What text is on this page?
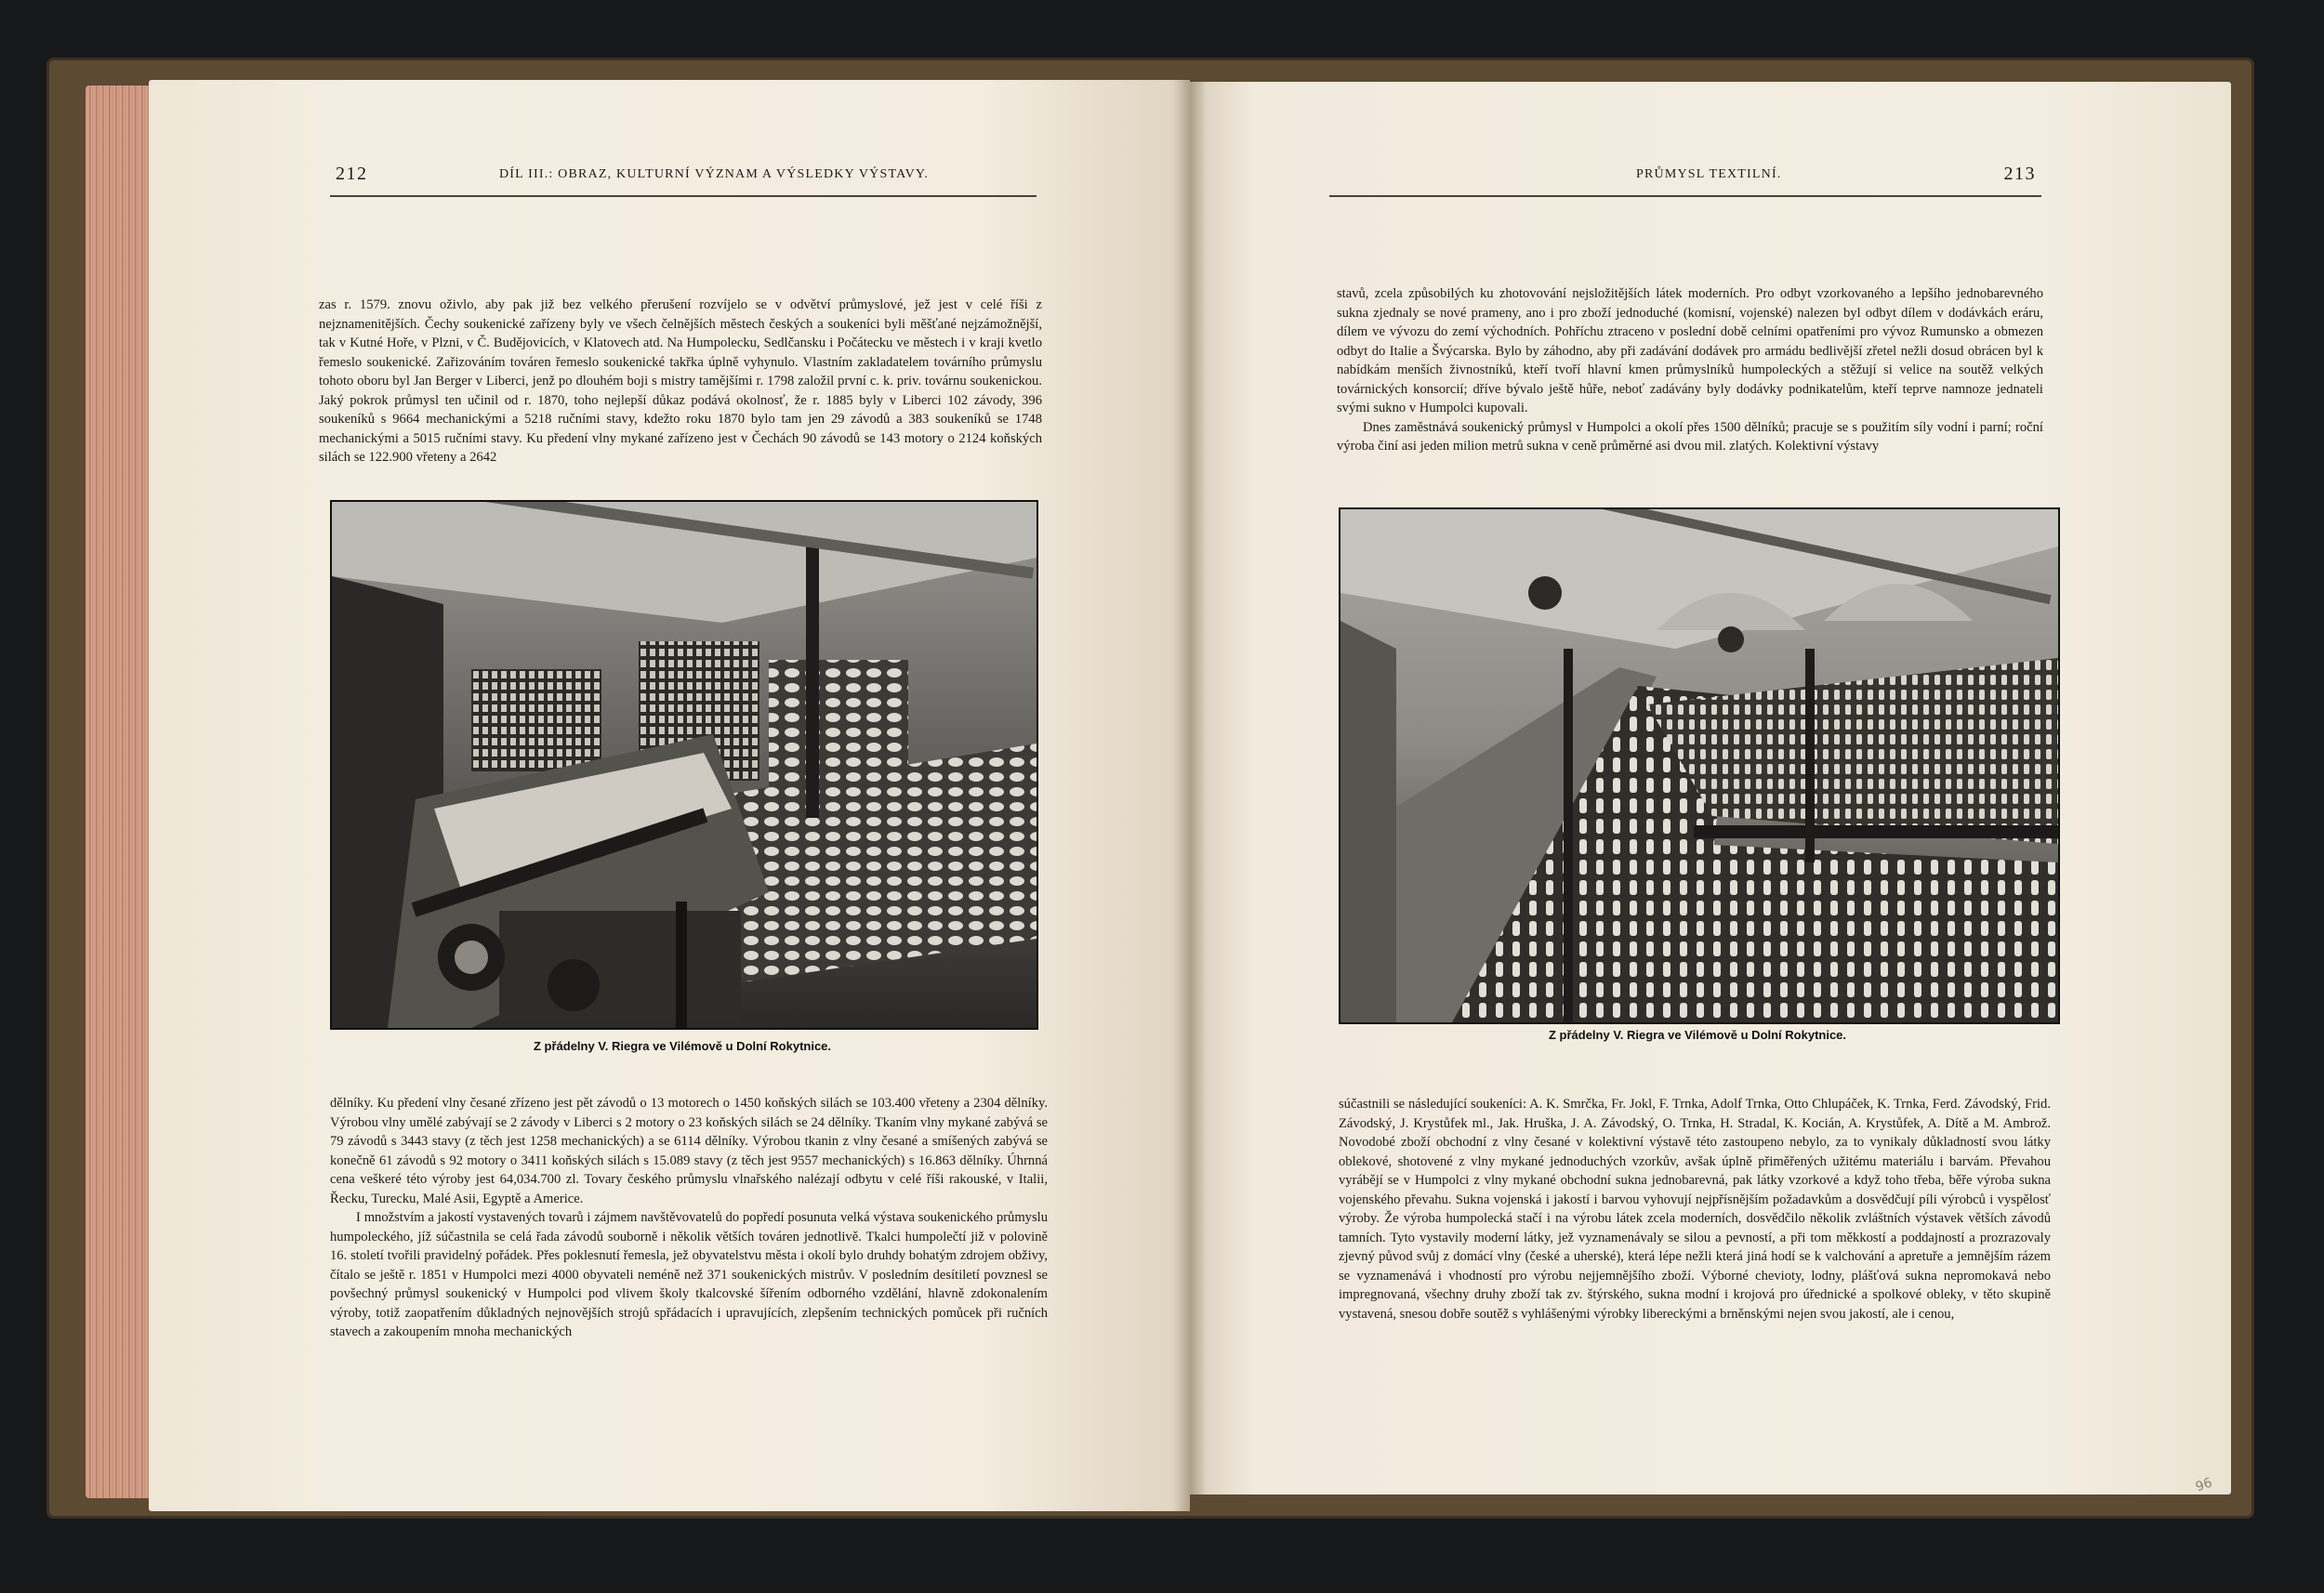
212	DÍL III.: OBRAZ, KULTURNÍ VÝZNAM A VÝSLEDKY VÝSTAVY.

zas r. 1579. znovu oživlo, aby pak již bez velkého přerušení rozvíjelo se v odvětví průmyslové, jež jest v celé říši z nejznamenitějších. Čechy soukenické zařízeny byly ve všech čelnějších městech českých a soukeníci byli měšťané nejzámožnější, tak v Kutné Hoře, v Plzni, v Č. Budějovicích, v Klatovech atd. Na Humpolecku, Sedlčansku i Počátecku ve městech i v kraji kvetlo řemeslo soukenické. Zařizováním továren řemeslo soukenické takřka úplně vyhynulo. Vlastním zakladatelem továrního průmyslu tohoto oboru byl Jan Berger v Liberci, jenž po dlouhém boji s mistry tamějšími r. 1798 založil první c. k. priv. továrnu soukenickou. Jaký pokrok průmysl ten učinil od r. 1870, toho nejlepší důkaz podává okolnosť, že r. 1885 byly v Liberci 102 závody, 396 soukeníků s 9664 mechanickými a 5218 ručními stavy, kdežto roku 1870 bylo tam jen 29 závodů a 383 soukeníků se 1748 mechanickými a 5015 ručními stavy. Ku předení vlny mykané zařízeno jest v Čechách 90 závodů se 143 motory o 2124 koňských silách se 122.900 vřeteny a 2642

Z přádelny V. Riegra ve Vilémově u Dolní Rokytnice.

dělníky. Ku předení vlny česané zřízeno jest pět závodů o 13 motorech o 1450 koňských silách se 103.400 vřeteny a 2304 dělníky. Výrobou vlny umělé zabývají se 2 závody v Liberci s 2 motory o 23 koňských silách se 24 dělníky. Tkaním vlny mykané zabývá se 79 závodů s 3443 stavy (z těch jest 1258 mechanických) a se 6114 dělníky. Výrobou tkanin z vlny česané a smíšených zabývá se konečně 61 závodů s 92 motory o 3411 koňských silách s 15.089 stavy (z těch jest 9557 mechanických) s 16.863 dělníky. Úhrnná cena veškeré této výroby jest 64,034.700 zl. Tovary českého průmyslu vlnařského nalézají odbytu v celé říši rakouské, v Italii, Řecku, Turecku, Malé Asii, Egyptě a Americe.

I množstvím a jakostí vystavených tovarů i zájmem navštěvovatelů do popředí posunuta velká výstava soukenického průmyslu humpoleckého, jíž súčastnila se celá řada závodů souborně i několik větších továren jednotlivě. Tkalci humpolečtí již v polovině 16. století tvořili pravidelný pořádek. Přes poklesnutí řemesla, jež obyvatelstvu města i okolí bylo druhdy bohatým zdrojem obživy, čítalo se ještě r. 1851 v Humpolci mezi 4000 obyvateli neméně než 371 soukenických mistrův. V posledním desítiletí povznesl se povšechný průmysl soukenický v Humpolci pod vlivem školy tkalcovské šířením odborného vzdělání, hlavně zdokonalením výroby, totiž zaopatřením důkladných nejnovějších strojů spřádacích i upravujících, zlepšením technických pomůcek při ručních stavech a zakoupením mnoha mechanických

PRŮMYSL TEXTILNÍ.	213

stavů, zcela způsobilých ku zhotovování nejsložitějších látek moderních. Pro odbyt vzorkovaného a lepšího jednobarevného sukna zjednaly se nové prameny, ano i pro zboží jednoduché (komisní, vojenské) nalezen byl odbyt dílem v dodávkách eráru, dílem ve vývozu do zemí východních. Pohříchu ztraceno v poslední době celními opatřeními pro vývoz Rumunsko a obmezen odbyt do Italie a Švýcarska. Bylo by záhodno, aby při zadávání dodávek pro armádu bedlivější zřetel nežli dosud obrácen byl k nabídkám menších živnostníků, kteří tvoří hlavní kmen průmyslníků humpoleckých a stěžují si velice na soutěž velkých továrnických konsorcií; dříve bývalo ještě hůře, neboť zadávány byly dodávky podnikatelům, kteří teprve namnoze jednateli svými sukno v Humpolci kupovali.

Dnes zaměstnává soukenický průmysl v Humpolci a okolí přes 1500 dělníků; pracuje se s použitím síly vodní i parní; roční výroba činí asi jeden milion metrů sukna v ceně průměrné asi dvou mil. zlatých. Kolektivní výstavy

Z přádelny V. Riegra ve Vilémově u Dolní Rokytnice.

súčastnili se následující soukeníci: A. K. Smrčka, Fr. Jokl, F. Trnka, Adolf Trnka, Otto Chlupáček, K. Trnka, Ferd. Závodský, Frid. Závodský, J. Krystůfek ml., Jak. Hruška, J. A. Závodský, O. Trnka, H. Stradal, K. Kocián, A. Krystůfek, A. Dítě a M. Ambrož. Novodobé zboží obchodní z vlny česané v kolektivní výstavě této zastoupeno nebylo, za to vynikaly důkladností svou látky oblekové, shotovené z vlny mykané jednoduchých vzorkův, avšak úplně přiměřených užitému materiálu i barvám. Převahou vyrábějí se v Humpolci z vlny mykané obchodní sukna jednobarevná, pak látky vzorkové a když toho třeba, běře výroba sukna vojenského převahu. Sukna vojenská i jakostí i barvou vyhovují nejpřísnějším požadavkům a dosvědčují píli výrobců i vyspělosť výroby. Že výroba humpolecká stačí i na výrobu látek zcela moderních, dosvědčilo několik zvláštních výstavek větších závodů tamních. Tyto vystavily moderní látky, jež vyznamenávaly se silou a pevností, a při tom měkkostí a poddajností a prozrazovaly zjevný původ svůj z domácí vlny (české a uherské), která lépe nežli která jiná hodí se k valchování a apretuře a jemnějším rázem se vyznamenává i vhodností pro výrobu nejjemnějšího zboží. Výborné chevioty, lodny, plášťová sukna nepromokavá nebo impregnovaná, všechny druhy zboží tak zv. štýrského, sukna modní i krojová pro úřednické a spolkové obleky, v těto skupině vystavená, snesou dobře soutěž s vyhlášenými výrobky libereckými a brněnskými nejen svou jakostí, ale i cenou,

96
